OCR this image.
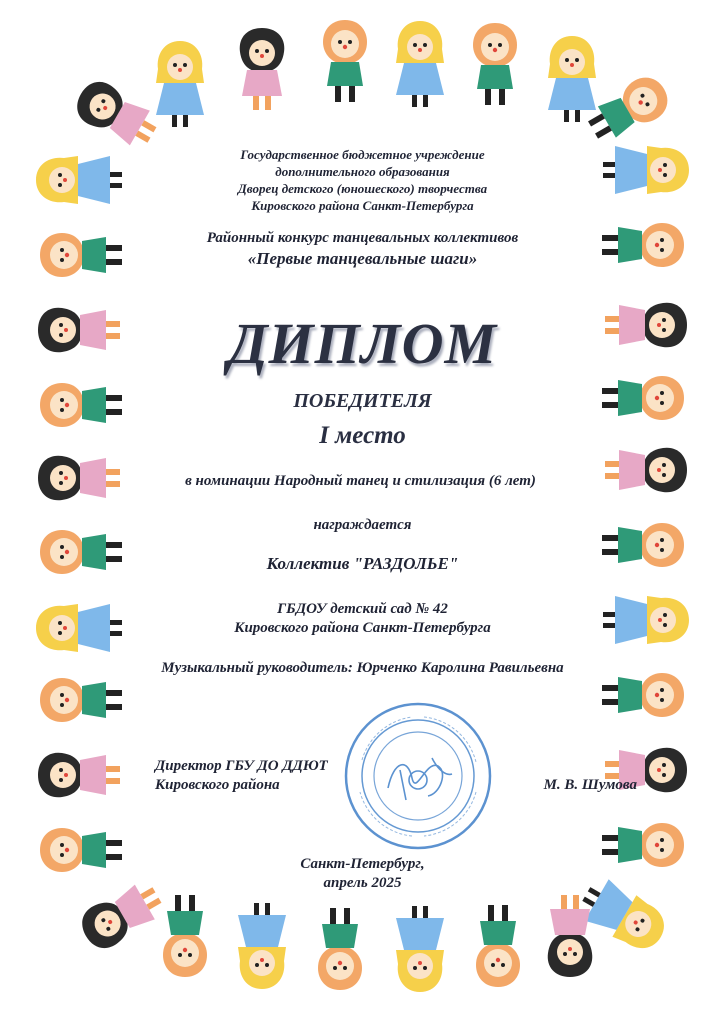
Государственное бюджетное учреждение

дополнительного образования

Дворец детского (юношеского) творчества

Кировского района Санкт-Петербурга

Районный конкурс танцевальных коллективов

«Первые танцевальные шаги»

ДИПЛОМ

ПОБЕДИТЕЛЯ

I место

в номинации Народный танец и стилизация (6 лет)

награждается

Коллектив "РАЗДОЛЬЕ"

ГБДОУ детский сад № 42

Кировского района Санкт-Петербурга

Музыкальный руководитель: Юрченко Каролина Равильевна

Директор ГБУ ДО ДДЮТ

Кировского района	М. В. Шумова

Санкт-Петербург,

апрель 2025
